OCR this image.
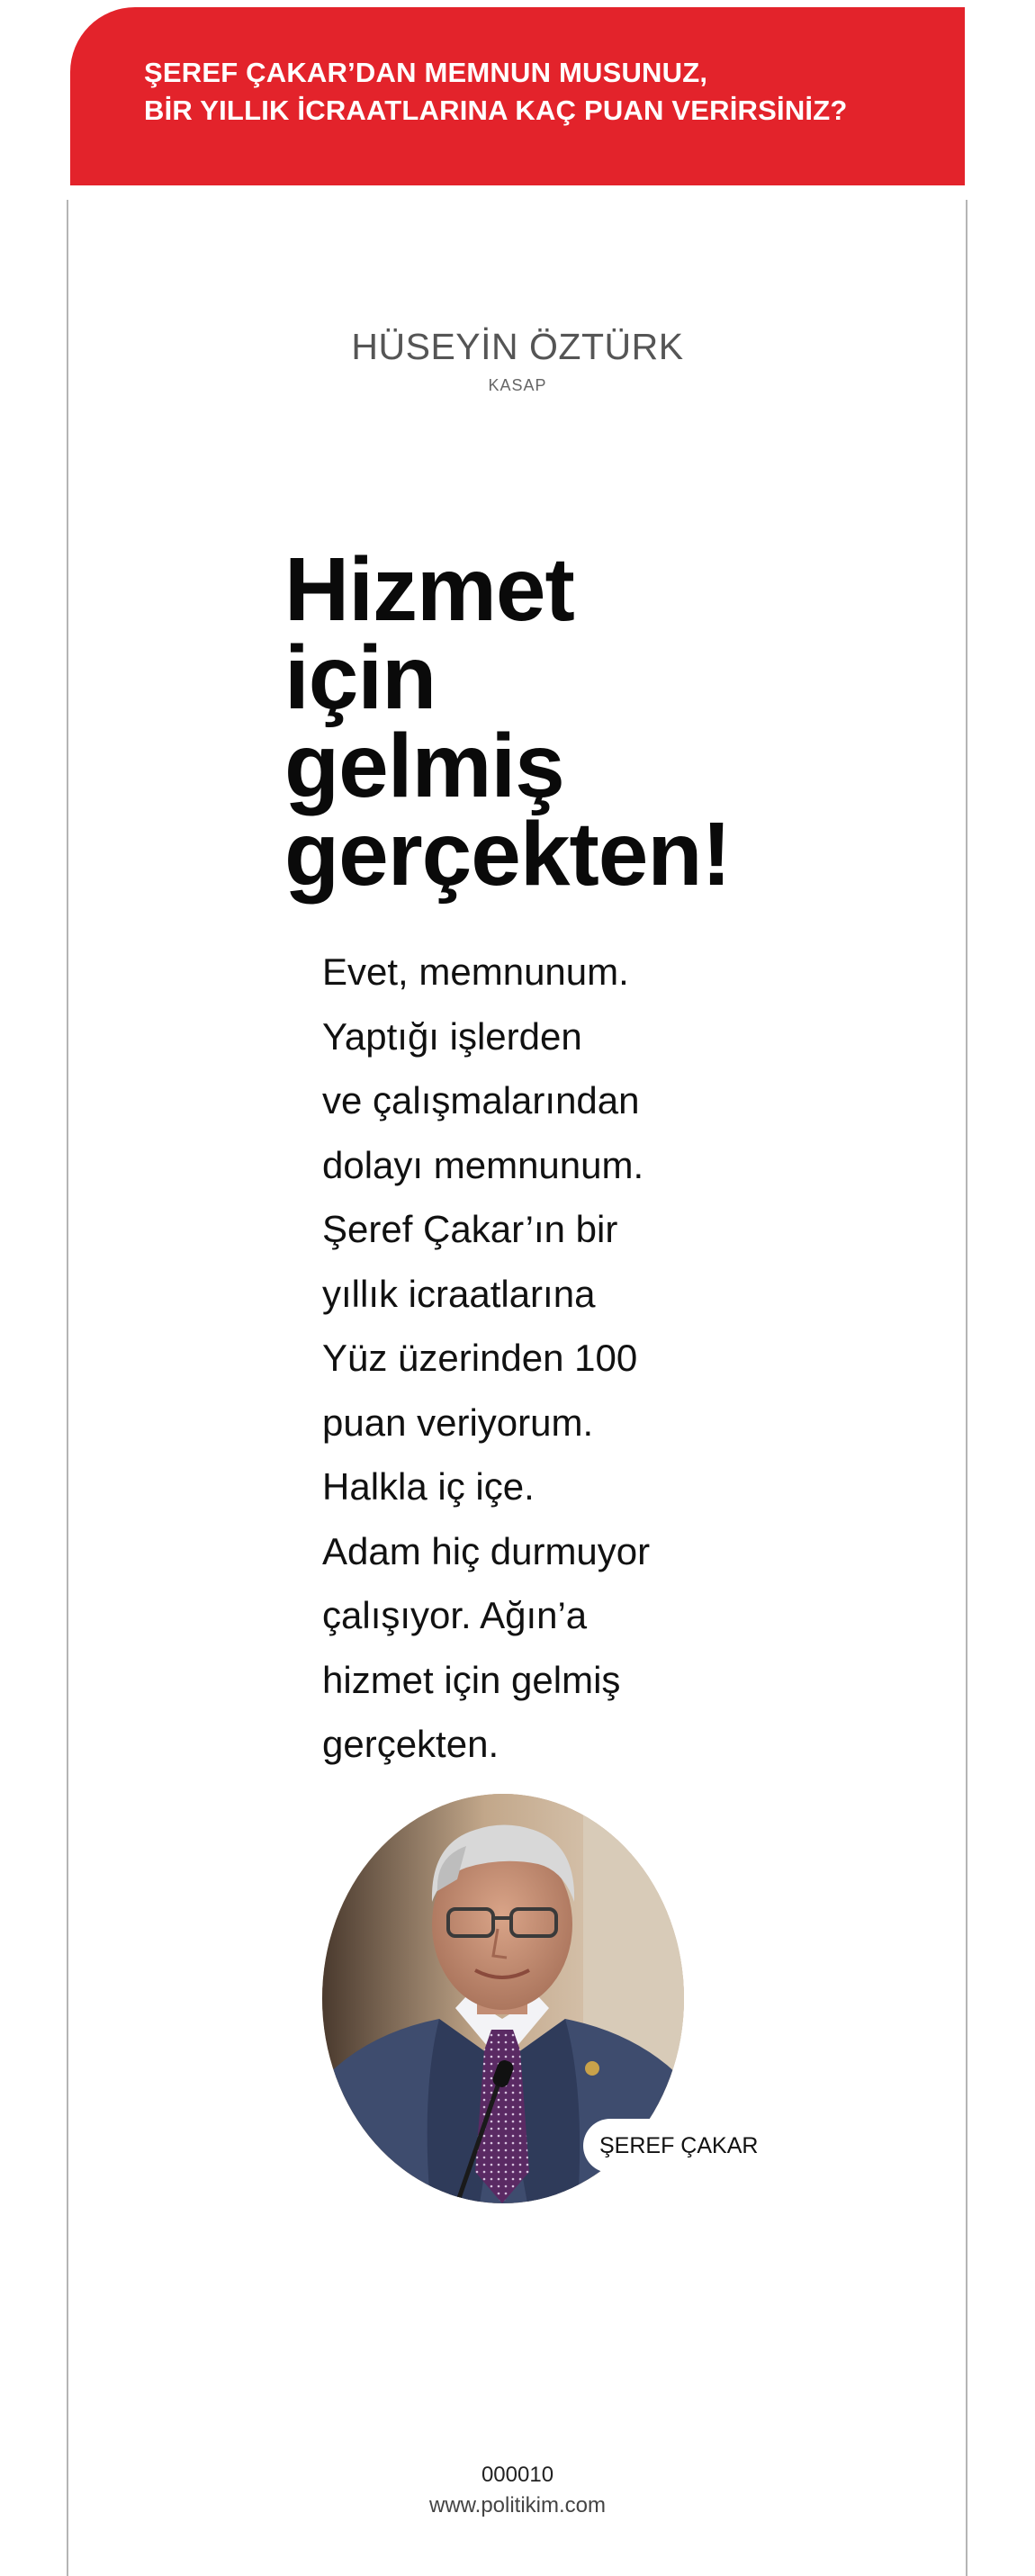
ŞEREF ÇAKAR’DAN MEMNUN MUSUNUZ,
BİR YILLIK İCRAATLARINA KAÇ PUAN VERİRSİNİZ?
HÜSEYİN ÖZTÜRK
KASAP
Hizmet
için
gelmiş
gerçekten!
Evet, memnunum.
Yaptığı işlerden
ve çalışmalarından
dolayı memnunum.
Şeref Çakar’ın bir
yıllık icraatlarına
Yüz üzerinden 100
puan veriyorum.
Halkla iç içe.
Adam hiç durmuyor
çalışıyor. Ağın’a
hizmet için gelmiş
gerçekten.
ŞEREF ÇAKAR
000010
www.politikim.com
